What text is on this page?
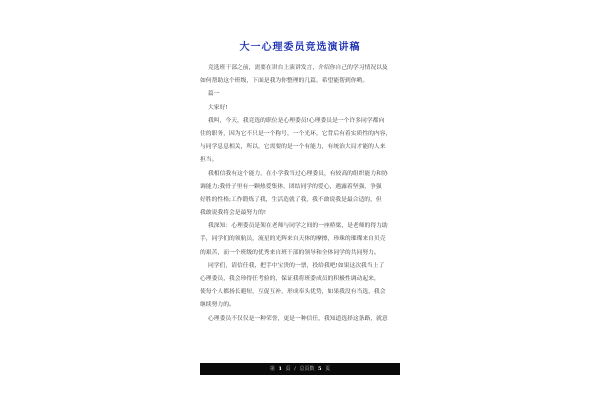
大一心理委员竞选演讲稿
竞选班干部之前，需要在讲台上演讲发言，介绍你自己的学习情况以及
如何帮助这个班级，下面是我为你整理的几篇，希望能帮到你哟。
篇一
大家好!
我叫，今天，我竞选的职位是心理委员!心理委员是一个许多同学都向
往的职务，因为它不只是一个称号，一个光环，它背后有着实质性的内容，
与同学息息相关，所以，它需要的是一个有能力，有统治大局才能的人来
担当。
我相信我有这个能力，在小学我当过心理委员，有较高的组织能力和协
调能力;我骨子里有一颗热爱集体，团结同学的爱心，遇露着坚强，争强
好胜的性格;工作锻炼了我，生活造就了我，我不敢说我是最合适的，但
我敢说我将会是最努力的!
我深知：心理委员是架在老师与同学之间的一座桥梁，是老师的得力助
手，同学们的领航员，流星的光辉来自天体的摩擦，珍珠的璀璨来自贝壳
的艰苦，而一个班级的优秀来自班干部的领导和全体同学的共同努力。
同学们，请信任我，把手中宝贵的一票，投给我吧!如果这次我当上了
心理委员，我会珍得任考验的，保证我将班委成员的积极性调动起来，
使每个人都扬长避短，互促互补，形成奉头优势，如果我没有当选，我会
继续努力的。
心理委员不仅仅是一种荣誉，更是一种信任，我知道选择这条路，就意
第 1 页 / 总页数 5 页
